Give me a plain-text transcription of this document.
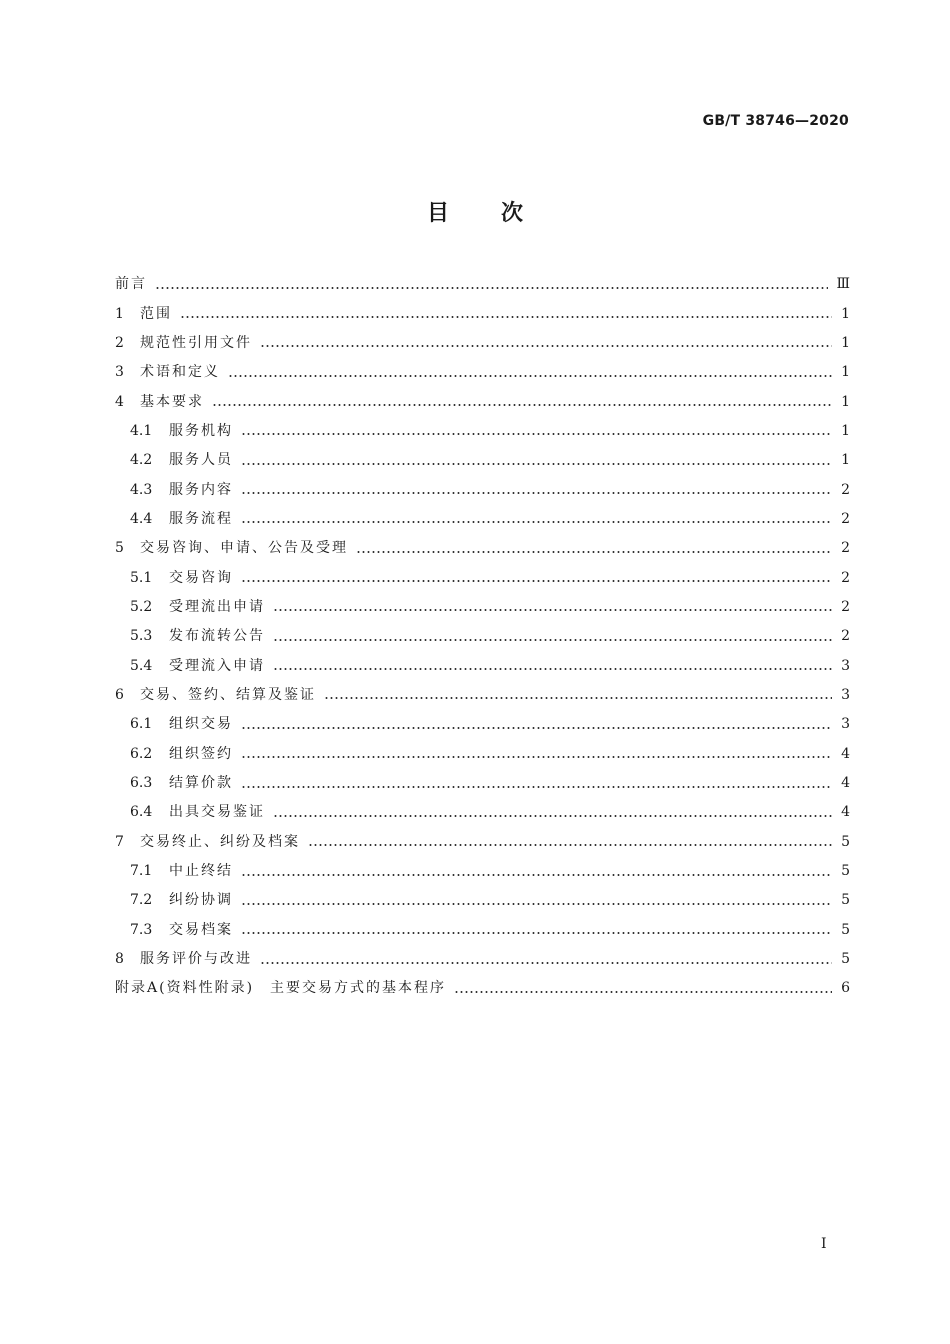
GB/T 38746—2020
目 次
前言	Ⅲ
1	范围	1
2	规范性引用文件	1
3	术语和定义	1
4	基本要求	1
4.1	服务机构	1
4.2	服务人员	1
4.3	服务内容	2
4.4	服务流程	2
5	交易咨询、申请、公告及受理	2
5.1	交易咨询	2
5.2	受理流出申请	2
5.3	发布流转公告	2
5.4	受理流入申请	3
6	交易、签约、结算及鉴证	3
6.1	组织交易	3
6.2	组织签约	4
6.3	结算价款	4
6.4	出具交易鉴证	4
7	交易终止、纠纷及档案	5
7.1	中止终结	5
7.2	纠纷协调	5
7.3	交易档案	5
8	服务评价与改进	5
附录A(资料性附录)　主要交易方式的基本程序	6
Ⅰ
